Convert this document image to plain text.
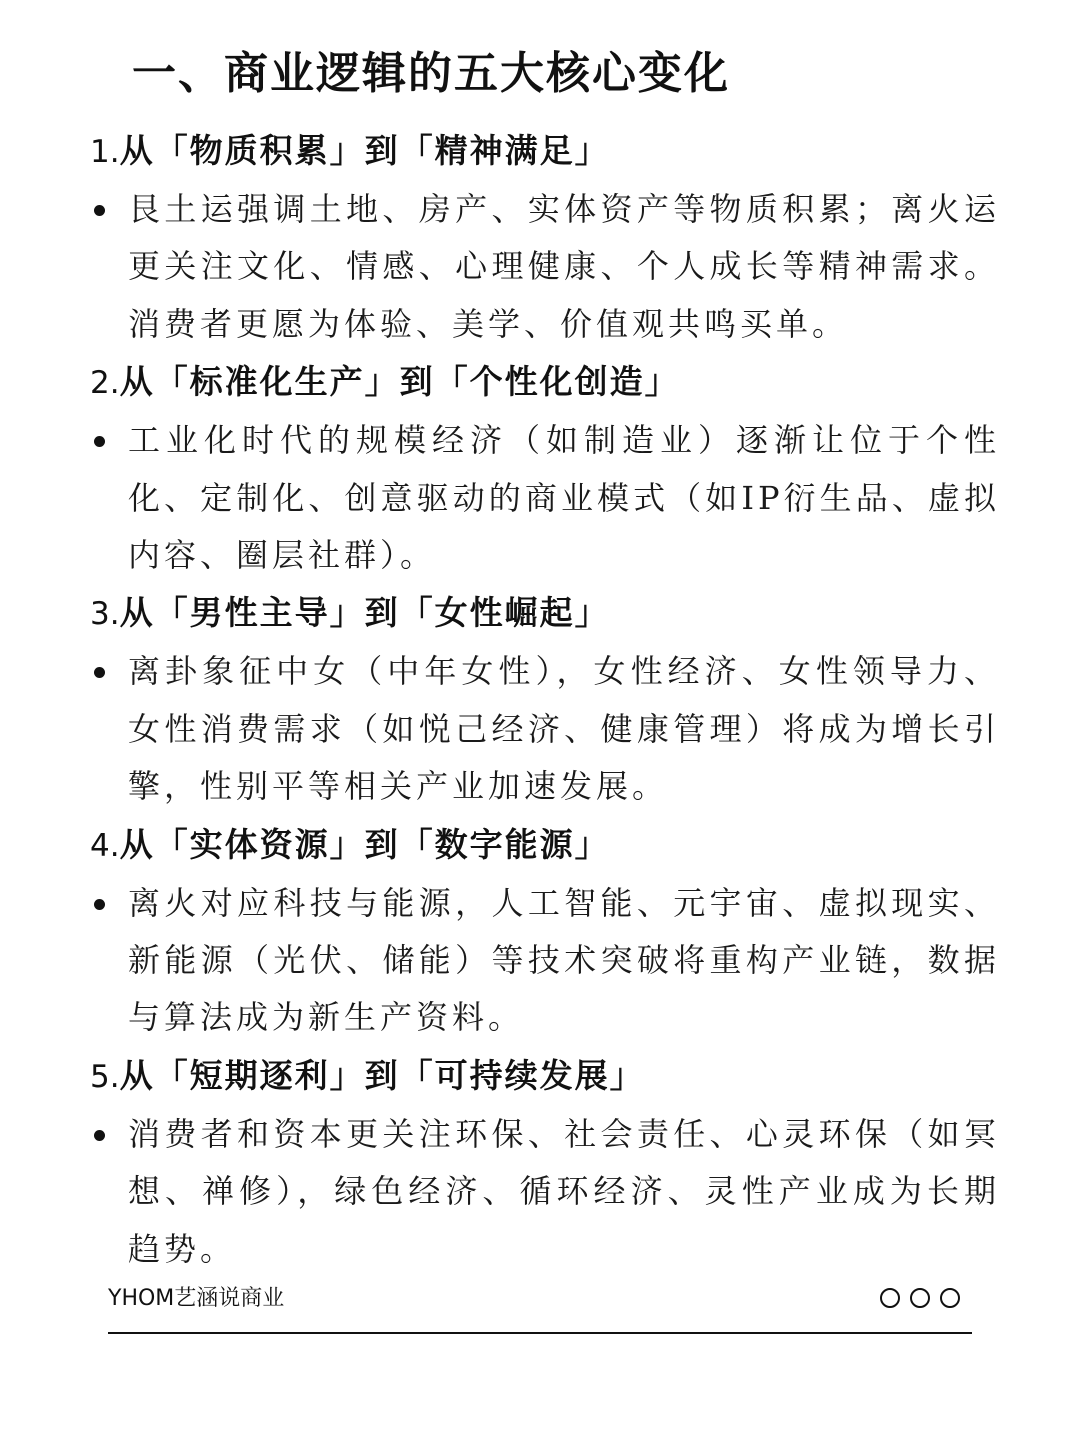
一、商业逻辑的五大核心变化
1.从「物质积累」到「精神满足」
艮土运强调土地、房产、实体资产等物质积累；离火运更关注文化、情感、心理健康、个人成长等精神需求。消费者更愿为体验、美学、价值观共鸣买单。
2.从「标准化生产」到「个性化创造」
工业化时代的规模经济（如制造业）逐渐让位于个性化、定制化、创意驱动的商业模式（如IP衍生品、虚拟内容、圈层社群）。
3.从「男性主导」到「女性崛起」
离卦象征中女（中年女性），女性经济、女性领导力、女性消费需求（如悦己经济、健康管理）将成为增长引擎，性别平等相关产业加速发展。
4.从「实体资源」到「数字能源」
离火对应科技与能源，人工智能、元宇宙、虚拟现实、新能源（光伏、储能）等技术突破将重构产业链，数据与算法成为新生产资料。
5.从「短期逐利」到「可持续发展」
消费者和资本更关注环保、社会责任、心灵环保（如冥想、禅修），绿色经济、循环经济、灵性产业成为长期趋势。
YHOM艺涵说商业
